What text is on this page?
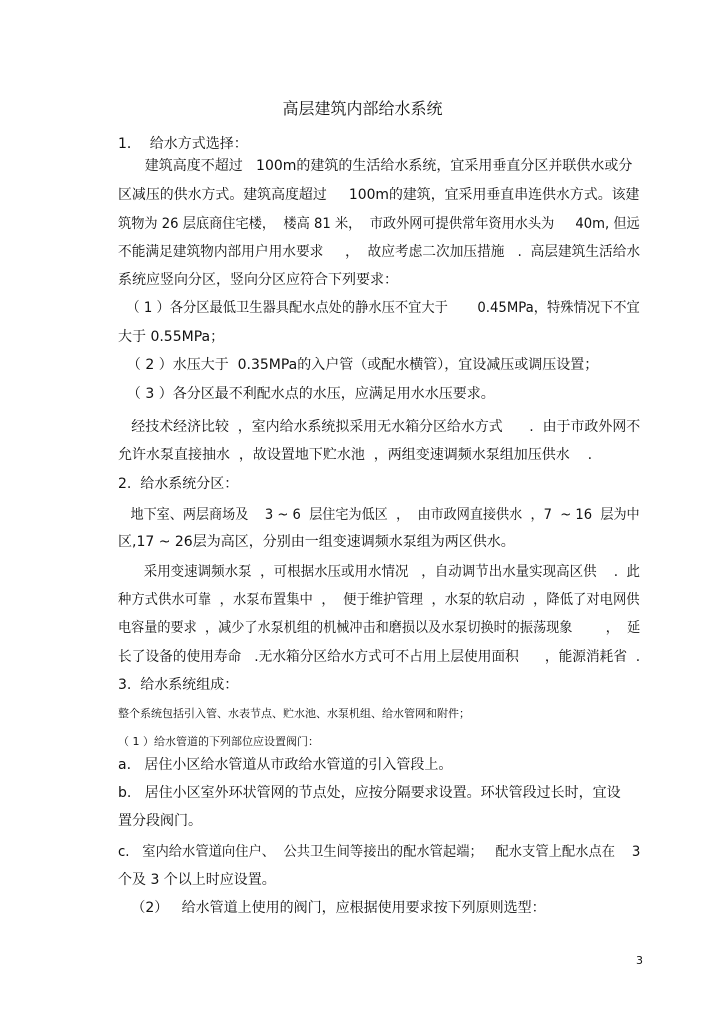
高层建筑内部给水系统
1．  给水方式选择：
建筑高度不超过   100m的建筑的生活给水系统，宜采用垂直分区并联供水或分
区减压的供水方式。建筑高度超过     100m的建筑，宜采用垂直串连供水方式。该建
筑物为 26 层底商住宅楼，  楼高 81 米，  市政外网可提供常年资用水头为     40m, 但远
不能满足建筑物内部用户用水要求     ，  故应考虑二次加压措施   .  高层建筑生活给水
系统应竖向分区，竖向分区应符合下列要求：
（ 1 ）各分区最低卫生器具配水点处的静水压不宜大于       0.45MPa，特殊情况下不宜
大于 0.55MPa；
（ 2 ）水压大于  0.35MPa的入户管（或配水横管），宜设减压或调压设置；
（ 3 ）各分区最不利配水点的水压，应满足用水水压要求。
经技术经济比较  ，室内给水系统拟采用无水箱分区给水方式      .  由于市政外网不
允许水泵直接抽水  ，故设置地下贮水池  ，两组变速调频水泵组加压供水    .
2.  给水系统分区：
地下室、两层商场及    3 ~ 6  层住宅为低区  ，  由市政网直接供水  ，7  ~ 16  层为中
区,17 ~ 26层为高区，分别由一组变速调频水泵组为两区供水。
采用变速调频水泵  ，可根据水压或用水情况   ，自动调节出水量实现高区供    .  此
种方式供水可靠  ，水泵布置集中  ，  便于维护管理  ，水泵的软启动  ，降低了对电网供
电容量的要求  ，减少了水泵机组的机械冲击和磨损以及水泵切换时的振荡现象        ，  延
长了设备的使用寿命   .无水箱分区给水方式可不占用上层使用面积      ，能源消耗省  .
3.  给水系统组成：
整个系统包括引入管、水表节点、贮水池、水泵机组、给水管网和附件；
（ 1 ）给水管道的下列部位应设置阀门：
a.   居住小区给水管道从市政给水管道的引入管段上。
b.   居住小区室外环状管网的节点处，应按分隔要求设置。环状管段过长时，宜设
置分段阀门。
c.   室内给水管道向住户、  公共卫生间等接出的配水管起端；   配水支管上配水点在    3
个及 3 个以上时应设置。
（2）   给水管道上使用的阀门，应根据使用要求按下列原则选型：
3
